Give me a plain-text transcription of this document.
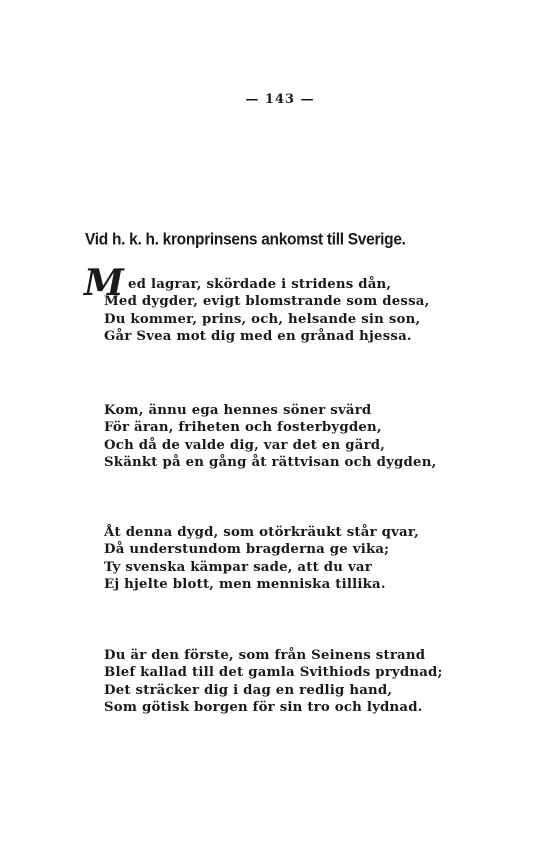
— 143 —
Vid h. k. h. kronprinsens ankomst till Sverige.
M ed lagrar, skördade i stridens dån,
Med dygder, evigt blomstrande som dessa,
Du kommer, prins, och, helsande sin son,
Går Svea mot dig med en grånad hjessa.
Kom, ännu ega hennes söner svärd
För äran, friheten och fosterbygden,
Och då de valde dig, var det en gärd,
Skänkt på en gång åt rättvisan och dygden,
Åt denna dygd, som otörkräukt står qvar,
Då understundom bragderna ge vika;
Ty svenska kämpar sade, att du var
Ej hjelte blott, men menniska tillika.
Du är den förste, som från Seinens strand
Blef kallad till det gamla Svithiods prydnad;
Det sträcker dig i dag en redlig hand,
Som götisk borgen för sin tro och lydnad.
